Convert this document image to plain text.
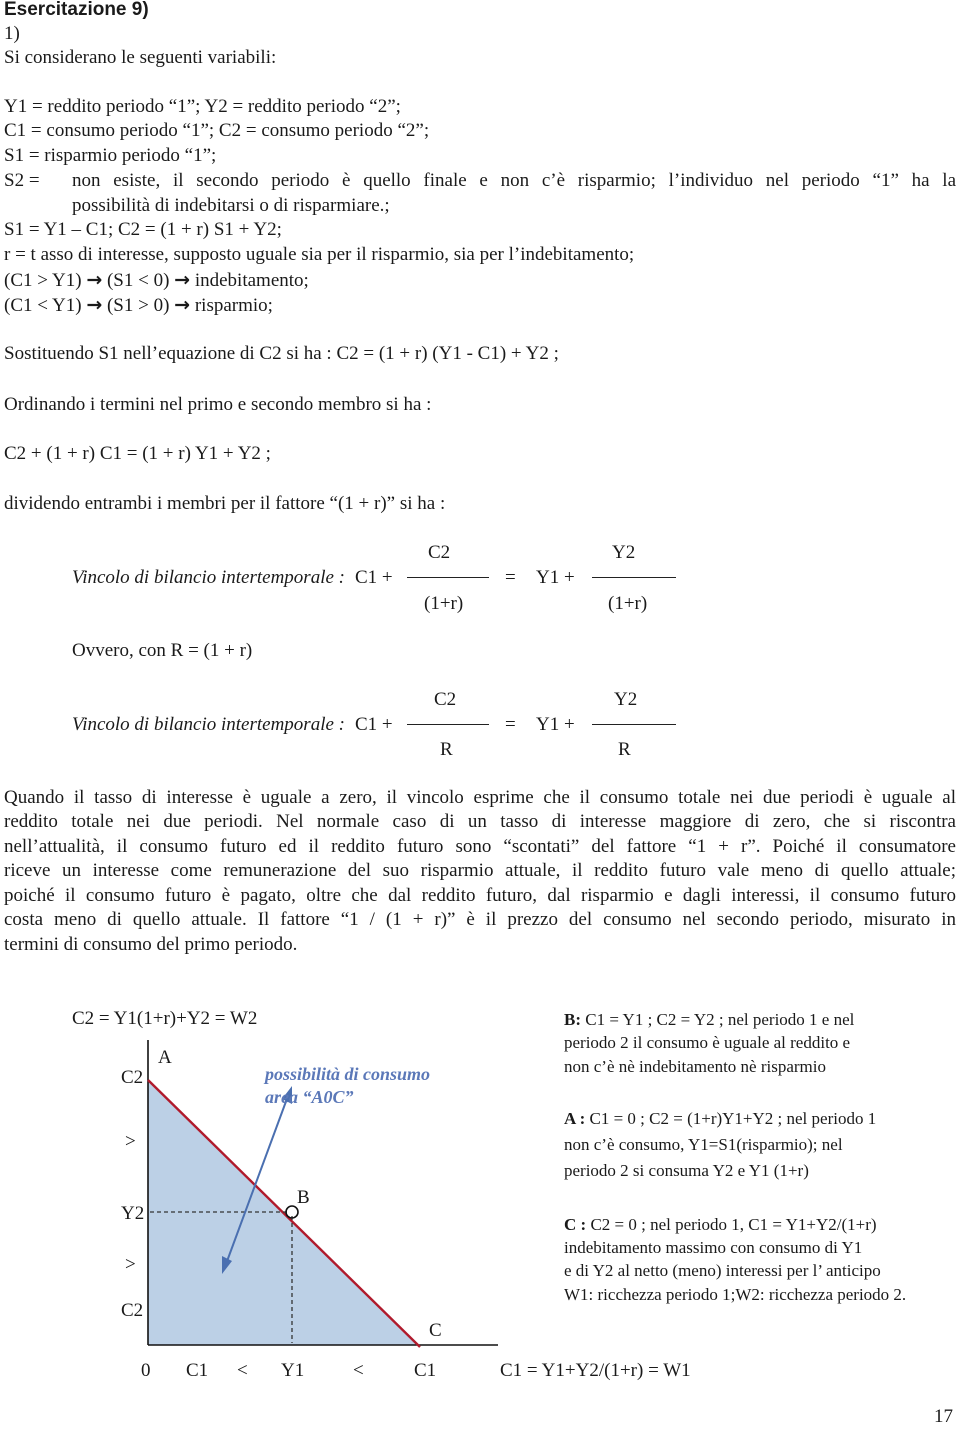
Esercitazione 9)
1)
Si considerano le seguenti variabili:
Y1 = reddito periodo “1”; Y2 = reddito periodo “2”;
C1 = consumo periodo “1”; C2 = consumo periodo “2”;
S1 = risparmio periodo “1”;
S2 = non esiste, il secondo periodo è quello finale e non c’è risparmio; l’individuo nel periodo “1” ha la
possibilità di indebitarsi o di risparmiare.;
S1 = Y1 – C1; C2 = (1 + r) S1 + Y2;
r = t asso di interesse, supposto uguale sia per il risparmio, sia per l’indebitamento;
(C1 > Y1) → (S1 < 0) → indebitamento;
(C1 < Y1) → (S1 > 0) → risparmio;
Sostituendo S1 nell’equazione di C2 si ha : C2 = (1 + r) (Y1 - C1) + Y2 ;
Ordinando i termini nel primo e secondo membro si ha :
C2 + (1 + r) C1 = (1 + r) Y1 + Y2 ;
dividendo entrambi i membri per il fattore “(1 + r)” si ha :
Vincolo di bilancio intertemporale : C1 +
C2
(1+r)
= Y1 +
Y2
(1+r)
Ovvero, con R = (1 + r)
Vincolo di bilancio intertemporale : C1 +
C2
R
= Y1 +
Y2
R
Quando il tasso di interesse è uguale a zero, il vincolo esprime che il consumo totale nei due periodi è uguale al
reddito totale nei due periodi. Nel normale caso di un tasso di interesse maggiore di zero, che si riscontra
nell’attualità, il consumo futuro ed il reddito futuro sono “scontati” del fattore “1 + r”. Poiché il consumatore
riceve un interesse come remunerazione del suo risparmio attuale, il reddito futuro vale meno di quello attuale;
poiché il consumo futuro è pagato, oltre che dal reddito futuro, dal risparmio e dagli interessi, il consumo futuro
costa meno di quello attuale. Il fattore “1 / (1 + r)” è il prezzo del consumo nel secondo periodo, misurato in
termini di consumo del primo periodo.
C2 = Y1(1+r)+Y2 = W2
C2
>
Y2
>
C2
A
B
C
possibilità di consumo
area “A0C”
0 C1 < Y1	<	C1	C1 = Y1+Y2/(1+r) = W1
B: C1 = Y1 ; C2 = Y2 ; nel periodo 1 e nel
periodo 2 il consumo è uguale al reddito e
non c’è nè indebitamento nè risparmio
A : C1 = 0 ; C2 = (1+r)Y1+Y2 ; nel periodo 1
non c’è consumo, Y1=S1(risparmio); nel
periodo 2 si consuma Y2 e Y1 (1+r)
C : C2 = 0 ; nel periodo 1, C1 = Y1+Y2/(1+r)
indebitamento massimo con consumo di Y1
e di Y2 al netto (meno) interessi per l’ anticipo
W1: ricchezza periodo 1;W2: ricchezza periodo 2.
17
